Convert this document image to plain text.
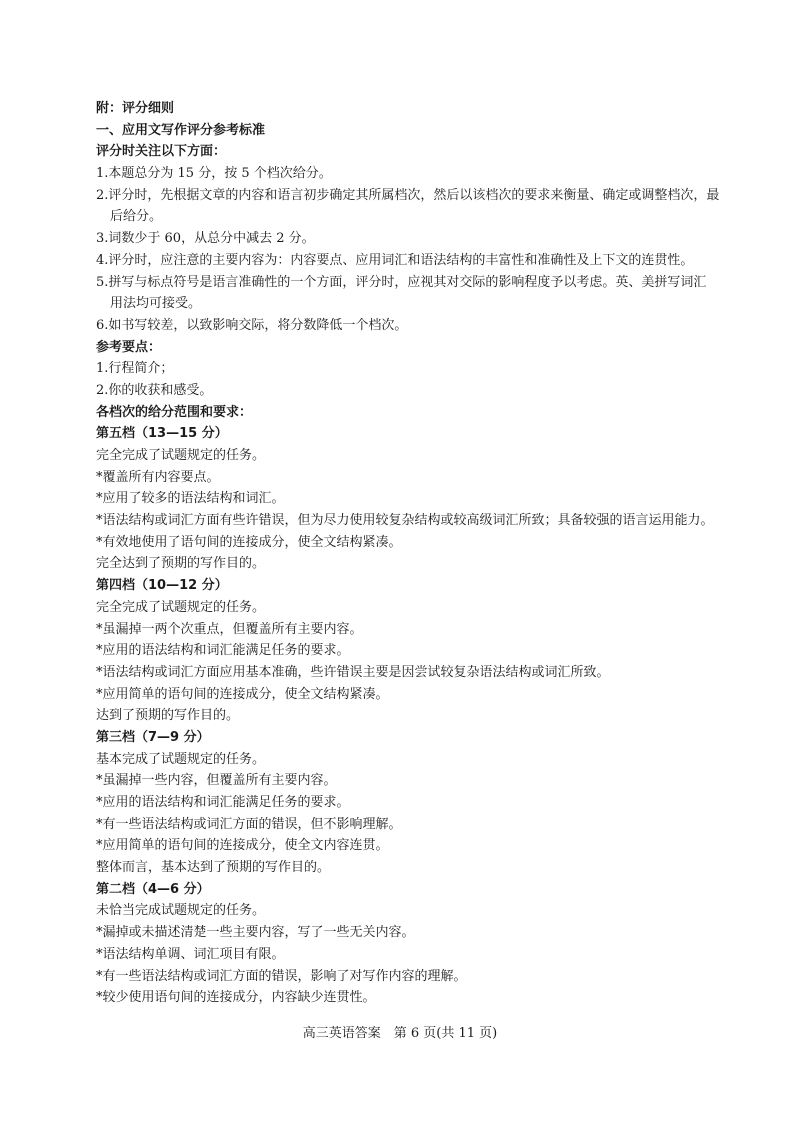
附：评分细则
一、应用文写作评分参考标准
评分时关注以下方面：
1.本题总分为 15 分，按 5 个档次给分。
2.评分时，先根据文章的内容和语言初步确定其所属档次，然后以该档次的要求来衡量、确定或调整档次，最
后给分。
3.词数少于 60，从总分中减去 2 分。
4.评分时，应注意的主要内容为：内容要点、应用词汇和语法结构的丰富性和准确性及上下文的连贯性。
5.拼写与标点符号是语言准确性的一个方面，评分时，应视其对交际的影响程度予以考虑。英、美拼写词汇
用法均可接受。
6.如书写较差，以致影响交际，将分数降低一个档次。
参考要点：
1.行程简介；
2.你的收获和感受。
各档次的给分范围和要求：
第五档（13—15 分）
完全完成了试题规定的任务。
*覆盖所有内容要点。
*应用了较多的语法结构和词汇。
*语法结构或词汇方面有些许错误，但为尽力使用较复杂结构或较高级词汇所致；具备较强的语言运用能力。
*有效地使用了语句间的连接成分，使全文结构紧凑。
完全达到了预期的写作目的。
第四档（10—12 分）
完全完成了试题规定的任务。
*虽漏掉一两个次重点，但覆盖所有主要内容。
*应用的语法结构和词汇能满足任务的要求。
*语法结构或词汇方面应用基本准确，些许错误主要是因尝试较复杂语法结构或词汇所致。
*应用简单的语句间的连接成分，使全文结构紧凑。
达到了预期的写作目的。
第三档（7—9 分）
基本完成了试题规定的任务。
*虽漏掉一些内容，但覆盖所有主要内容。
*应用的语法结构和词汇能满足任务的要求。
*有一些语法结构或词汇方面的错误，但不影响理解。
*应用简单的语句间的连接成分，使全文内容连贯。
整体而言，基本达到了预期的写作目的。
第二档（4—6 分）
未恰当完成试题规定的任务。
*漏掉或未描述清楚一些主要内容，写了一些无关内容。
*语法结构单调、词汇项目有限。
*有一些语法结构或词汇方面的错误，影响了对写作内容的理解。
*较少使用语句间的连接成分，内容缺少连贯性。
高三英语答案　第 6 页(共 11 页)
